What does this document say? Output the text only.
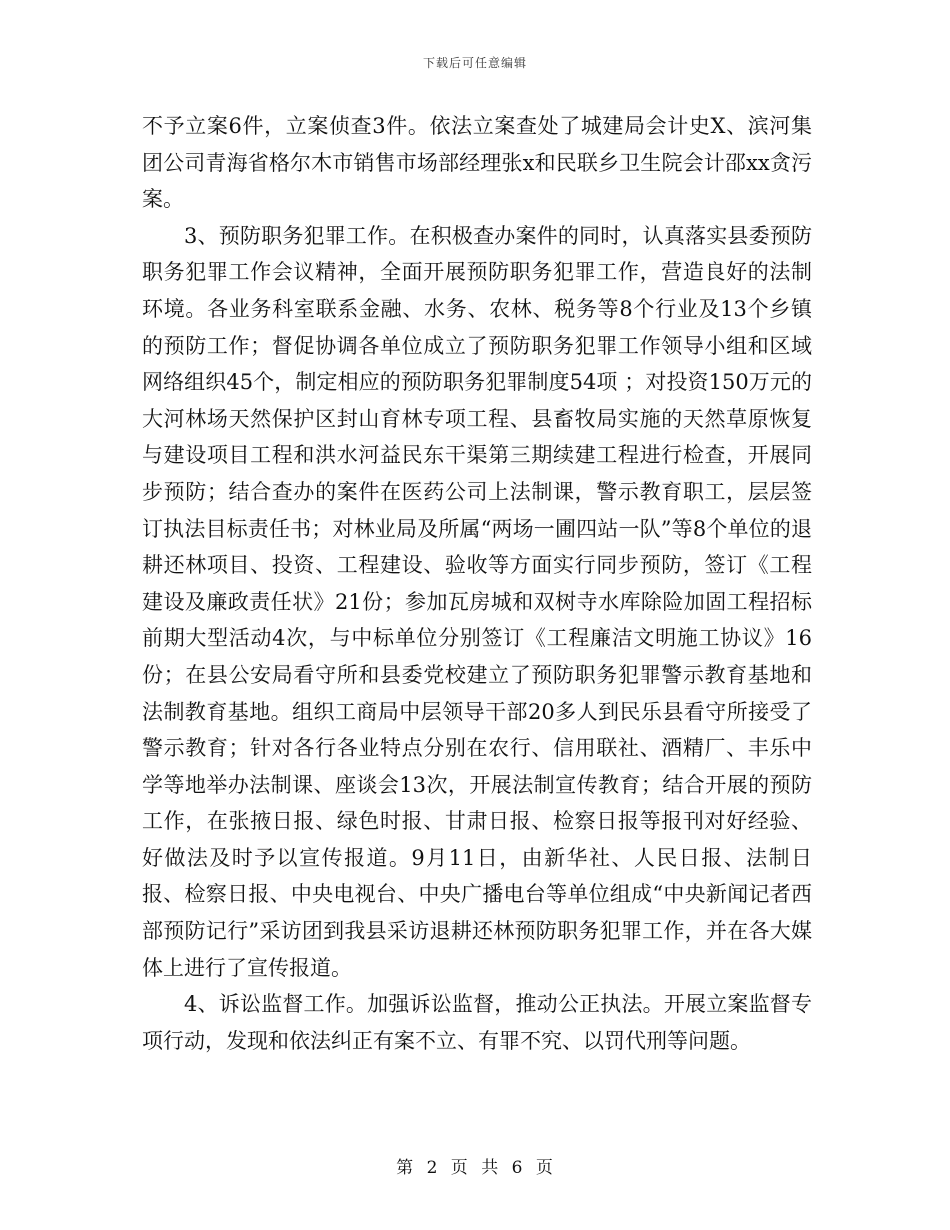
下载后可任意编辑

不予立案6件，立案侦查3件。依法立案查处了城建局会计史X、滨河集团公司青海省格尔木市销售市场部经理张x和民联乡卫生院会计邵xx贪污案。

3、预防职务犯罪工作。在积极查办案件的同时，认真落实县委预防职务犯罪工作会议精神，全面开展预防职务犯罪工作，营造良好的法制环境。各业务科室联系金融、水务、农林、税务等8个行业及13个乡镇的预防工作；督促协调各单位成立了预防职务犯罪工作领导小组和区域网络组织45个，制定相应的预防职务犯罪制度54项 ；对投资150万元的大河林场天然保护区封山育林专项工程、县畜牧局实施的天然草原恢复与建设项目工程和洪水河益民东干渠第三期续建工程进行检查，开展同步预防；结合查办的案件在医药公司上法制课，警示教育职工，层层签订执法目标责任书；对林业局及所属“两场一圃四站一队”等8个单位的退耕还林项目、投资、工程建设、验收等方面实行同步预防，签订《工程建设及廉政责任状》21份；参加瓦房城和双树寺水库除险加固工程招标前期大型活动4次，与中标单位分别签订《工程廉洁文明施工协议》16份；在县公安局看守所和县委党校建立了预防职务犯罪警示教育基地和法制教育基地。组织工商局中层领导干部20多人到民乐县看守所接受了警示教育；针对各行各业特点分别在农行、信用联社、酒精厂、丰乐中学等地举办法制课、座谈会13次，开展法制宣传教育；结合开展的预防工作，在张掖日报、绿色时报、甘肃日报、检察日报等报刊对好经验、好做法及时予以宣传报道。9月11日，由新华社、人民日报、法制日报、检察日报、中央电视台、中央广播电台等单位组成“中央新闻记者西部预防记行”采访团到我县采访退耕还林预防职务犯罪工作，并在各大媒体上进行了宣传报道。

4、诉讼监督工作。加强诉讼监督，推动公正执法。开展立案监督专项行动，发现和依法纠正有案不立、有罪不究、以罚代刑等问题。

第 2 页 共 6 页
